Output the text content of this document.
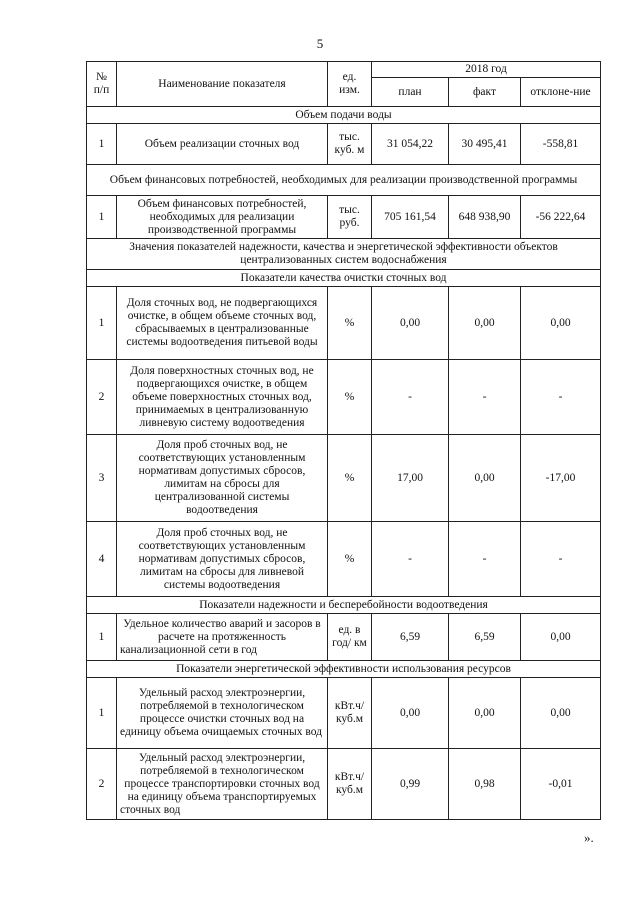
5
№ п/п	Наименование показателя	ед. изм.	2018 год		
			план	факт	отклоне-ние
Объем подачи воды					
1	Объем реализации сточных вод	тыс. куб. м	31 054,22	30 495,41	-558,81
Объем финансовых потребностей, необходимых для реализации производственной программы					
1	Объем финансовых потребностей, необходимых для реализации производственной программы	тыс. руб.	705 161,54	648 938,90	-56 222,64
Значения показателей надежности, качества и энергетической эффективности объектов централизованных систем водоснабжения					
Показатели качества очистки сточных вод					
1	Доля сточных вод, не подвергающихся очистке, в общем объеме сточных вод, сбрасываемых в централизованные системы водоотведения питьевой воды	%	0,00	0,00	0,00
2	Доля поверхностных сточных вод, не подвергающихся очистке, в общем объеме поверхностных сточных вод, принимаемых в централизованную ливневую систему водоотведения	%	-	-	-
3	Доля проб сточных вод, не соответствующих установленным нормативам допустимых сбросов, лимитам на сбросы для централизованной системы водоотведения	%	17,00	0,00	-17,00
4	Доля проб сточных вод, не соответствующих установленным нормативам допустимых сбросов, лимитам на сбросы для ливневой системы водоотведения	%	-	-	-
Показатели надежности и бесперебойности водоотведения					
1	Удельное количество аварий и засоров в расчете на протяженность канализационной сети в год	ед. в год/ км	6,59	6,59	0,00
Показатели энергетической эффективности использования ресурсов					
1	Удельный расход электроэнергии, потребляемой в технологическом процессе очистки сточных вод на единицу объема очищаемых сточных вод	кВт.ч/ куб.м	0,00	0,00	0,00
2	Удельный расход электроэнергии, потребляемой в технологическом процессе транспортировки сточных вод на единицу объема транспортируемых сточных вод	кВт.ч/ куб.м	0,99	0,98	-0,01
».
